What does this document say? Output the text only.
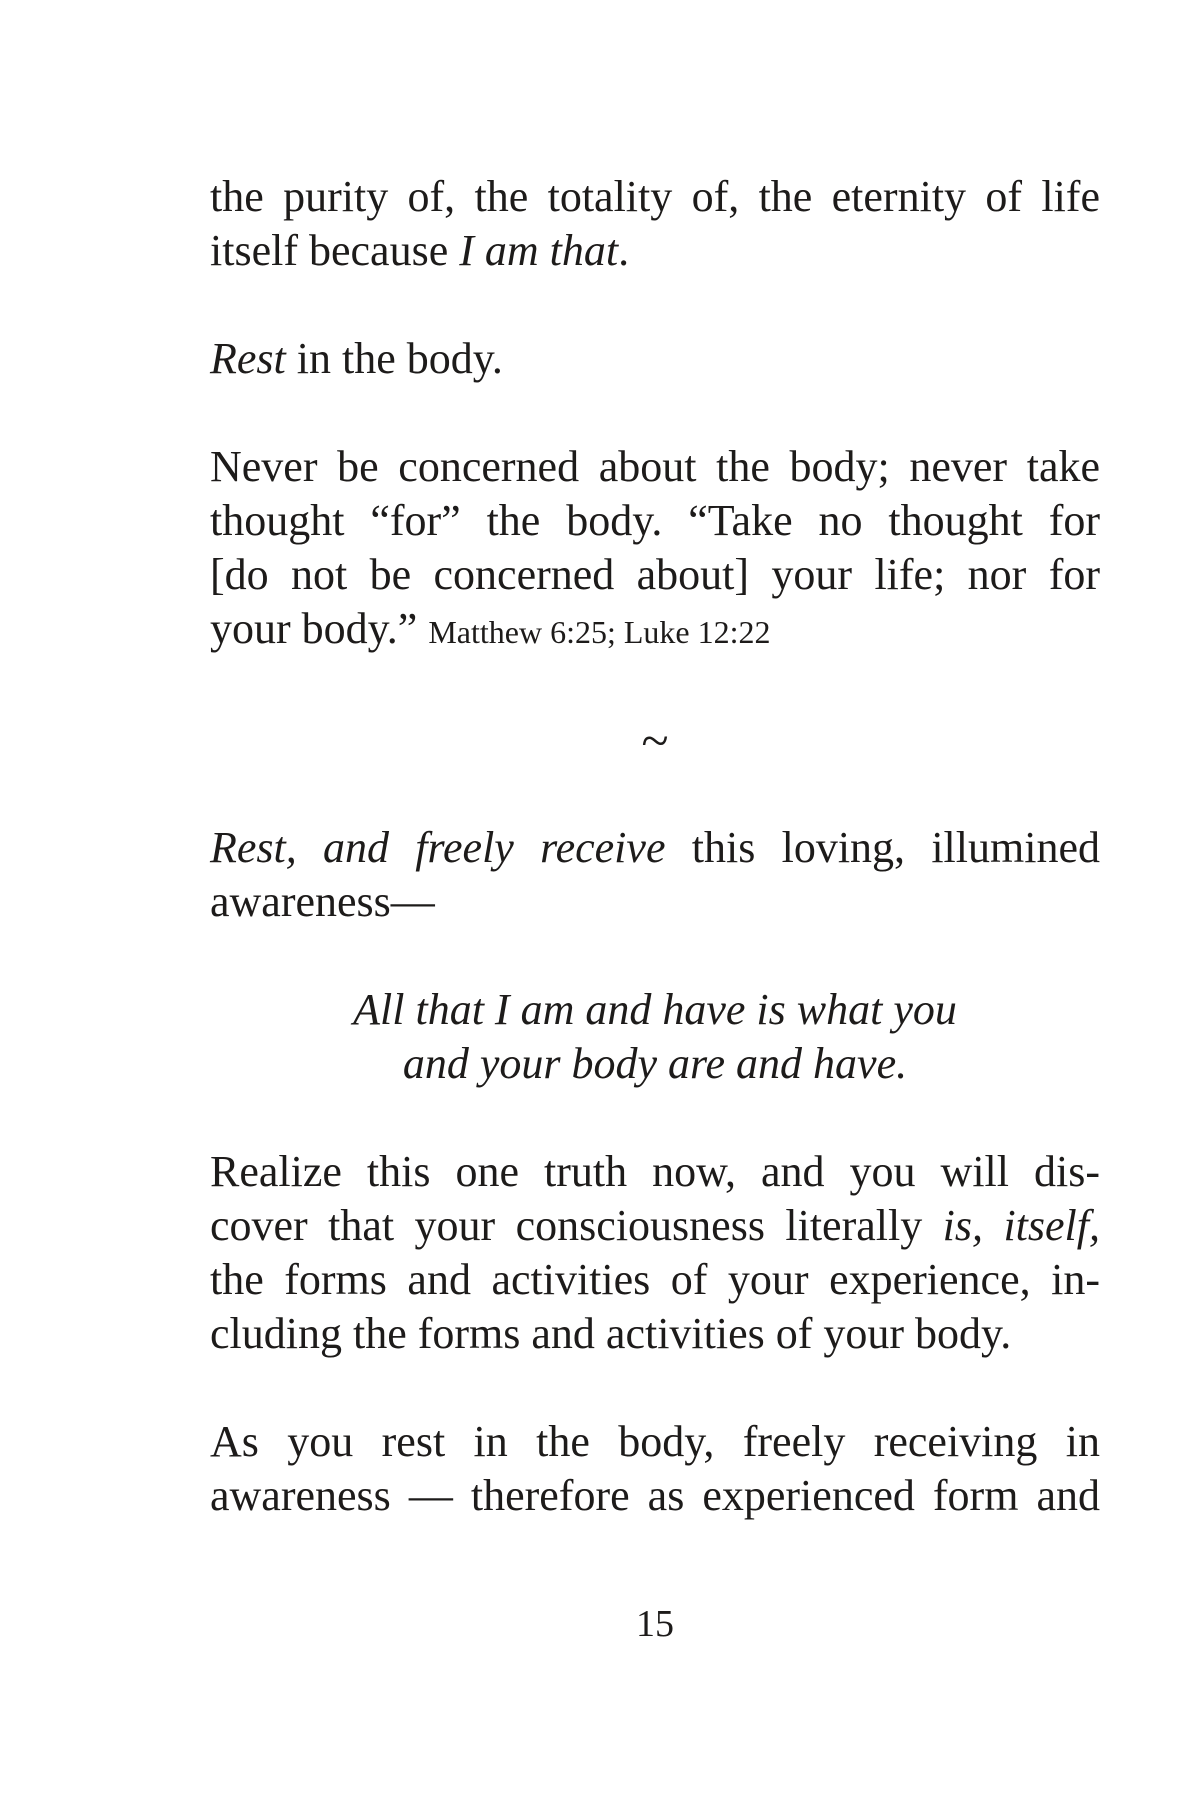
the purity of, the totality of, the eternity of life
itself because I am that.

Rest in the body.

Never be concerned about the body; never take
thought “for” the body. “Take no thought for
[do not be concerned about] your life; nor for
your body.” Matthew 6:25; Luke 12:22

~

Rest, and freely receive this loving, illumined
awareness—

All that I am and have is what you
and your body are and have.

Realize this one truth now, and you will dis-
cover that your consciousness literally is, itself,
the forms and activities of your experience, in-
cluding the forms and activities of your body.

As you rest in the body, freely receiving in
awareness — therefore as experienced form and

15
